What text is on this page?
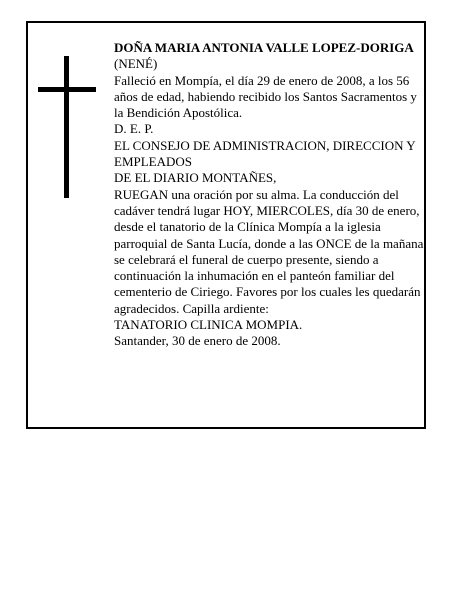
DOÑA MARIA ANTONIA VALLE LOPEZ-DORIGA

(NENÉ)

Falleció en Mompía, el día 29 de enero de 2008, a los 56 años de edad, habiendo recibido los Santos Sacramentos y la Bendición Apostólica.

D. E. P.

EL CONSEJO DE ADMINISTRACION, DIRECCION Y EMPLEADOS

DE EL DIARIO MONTAÑES,

RUEGAN una oración por su alma. La conducción del cadáver tendrá lugar HOY, MIERCOLES, día 30 de enero, desde el tanatorio de la Clínica Mompía a la iglesia parroquial de Santa Lucía, donde a las ONCE de la mañana se celebrará el funeral de cuerpo presente, siendo a continuación la inhumación en el panteón familiar del cementerio de Ciriego. Favores por los cuales les quedarán agradecidos. Capilla ardiente:

TANATORIO CLINICA MOMPIA.

Santander, 30 de enero de 2008.
